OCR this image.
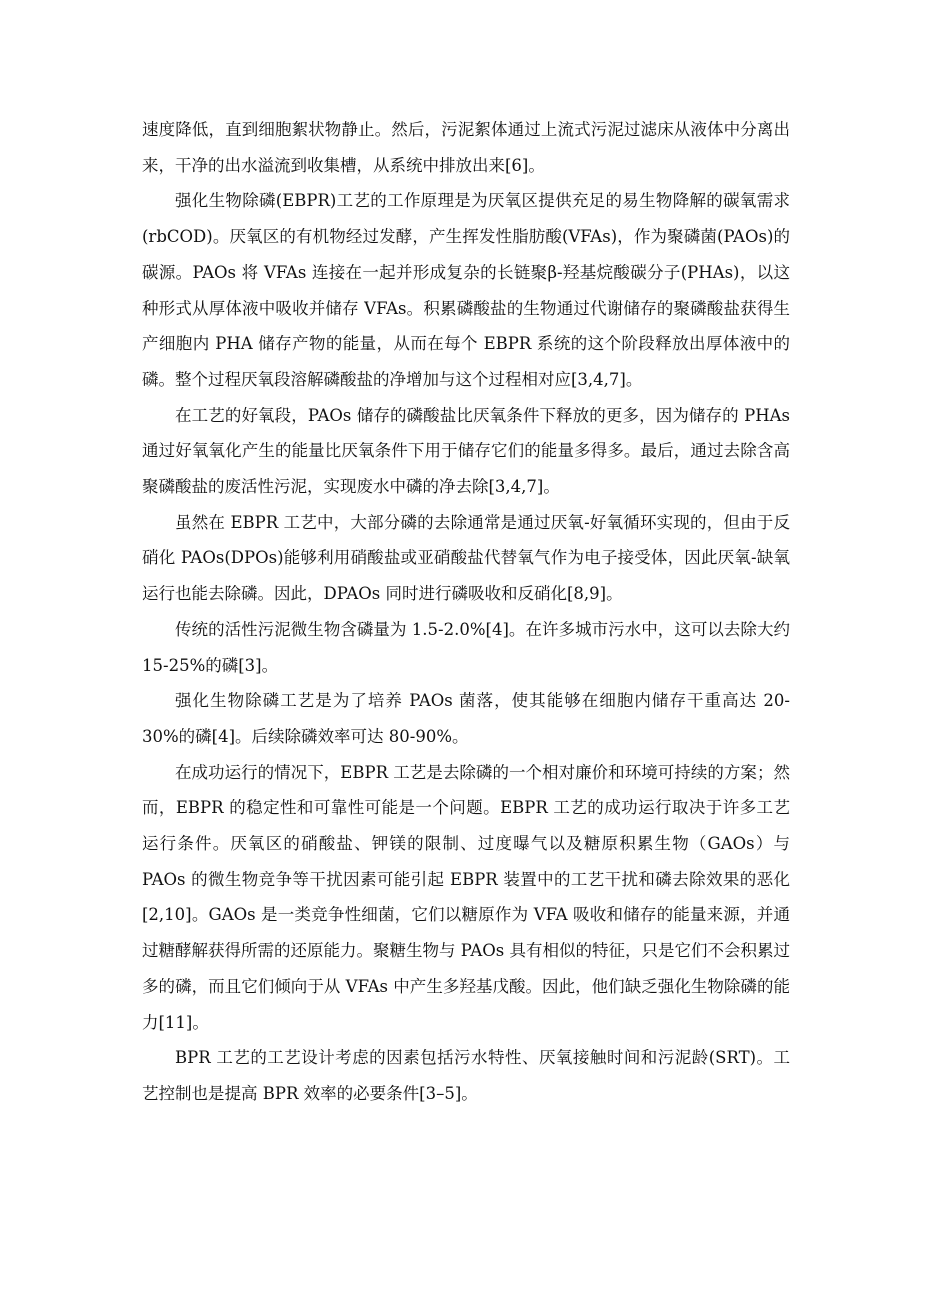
速度降低，直到细胞絮状物静止。然后，污泥絮体通过上流式污泥过滤床从液体中分离出来，干净的出水溢流到收集槽，从系统中排放出来[6]。

强化生物除磷(EBPR)工艺的工作原理是为厌氧区提供充足的易生物降解的碳氧需求(rbCOD)。厌氧区的有机物经过发酵，产生挥发性脂肪酸(VFAs)，作为聚磷菌(PAOs)的碳源。PAOs 将 VFAs 连接在一起并形成复杂的长链聚β-羟基烷酸碳分子(PHAs)，以这种形式从厚体液中吸收并储存 VFAs。积累磷酸盐的生物通过代谢储存的聚磷酸盐获得生产细胞内 PHA 储存产物的能量，从而在每个 EBPR 系统的这个阶段释放出厚体液中的磷。整个过程厌氧段溶解磷酸盐的净增加与这个过程相对应[3,4,7]。

在工艺的好氧段，PAOs 储存的磷酸盐比厌氧条件下释放的更多，因为储存的 PHAs 通过好氧氧化产生的能量比厌氧条件下用于储存它们的能量多得多。最后，通过去除含高聚磷酸盐的废活性污泥，实现废水中磷的净去除[3,4,7]。

虽然在 EBPR 工艺中，大部分磷的去除通常是通过厌氧-好氧循环实现的，但由于反硝化 PAOs(DPOs)能够利用硝酸盐或亚硝酸盐代替氧气作为电子接受体，因此厌氧-缺氧运行也能去除磷。因此，DPAOs 同时进行磷吸收和反硝化[8,9]。

传统的活性污泥微生物含磷量为 1.5-2.0%[4]。在许多城市污水中，这可以去除大约 15-25%的磷[3]。

强化生物除磷工艺是为了培养 PAOs 菌落，使其能够在细胞内储存干重高达 20-30%的磷[4]。后续除磷效率可达 80-90%。

在成功运行的情况下，EBPR 工艺是去除磷的一个相对廉价和环境可持续的方案；然而，EBPR 的稳定性和可靠性可能是一个问题。EBPR 工艺的成功运行取决于许多工艺运行条件。厌氧区的硝酸盐、钾镁的限制、过度曝气以及糖原积累生物（GAOs）与 PAOs 的微生物竞争等干扰因素可能引起 EBPR 装置中的工艺干扰和磷去除效果的恶化[2,10]。GAOs 是一类竞争性细菌，它们以糖原作为 VFA 吸收和储存的能量来源，并通过糖酵解获得所需的还原能力。聚糖生物与 PAOs 具有相似的特征，只是它们不会积累过多的磷，而且它们倾向于从 VFAs 中产生多羟基戊酸。因此，他们缺乏强化生物除磷的能力[11]。

BPR 工艺的工艺设计考虑的因素包括污水特性、厌氧接触时间和污泥龄(SRT)。工艺控制也是提高 BPR 效率的必要条件[3–5]。
